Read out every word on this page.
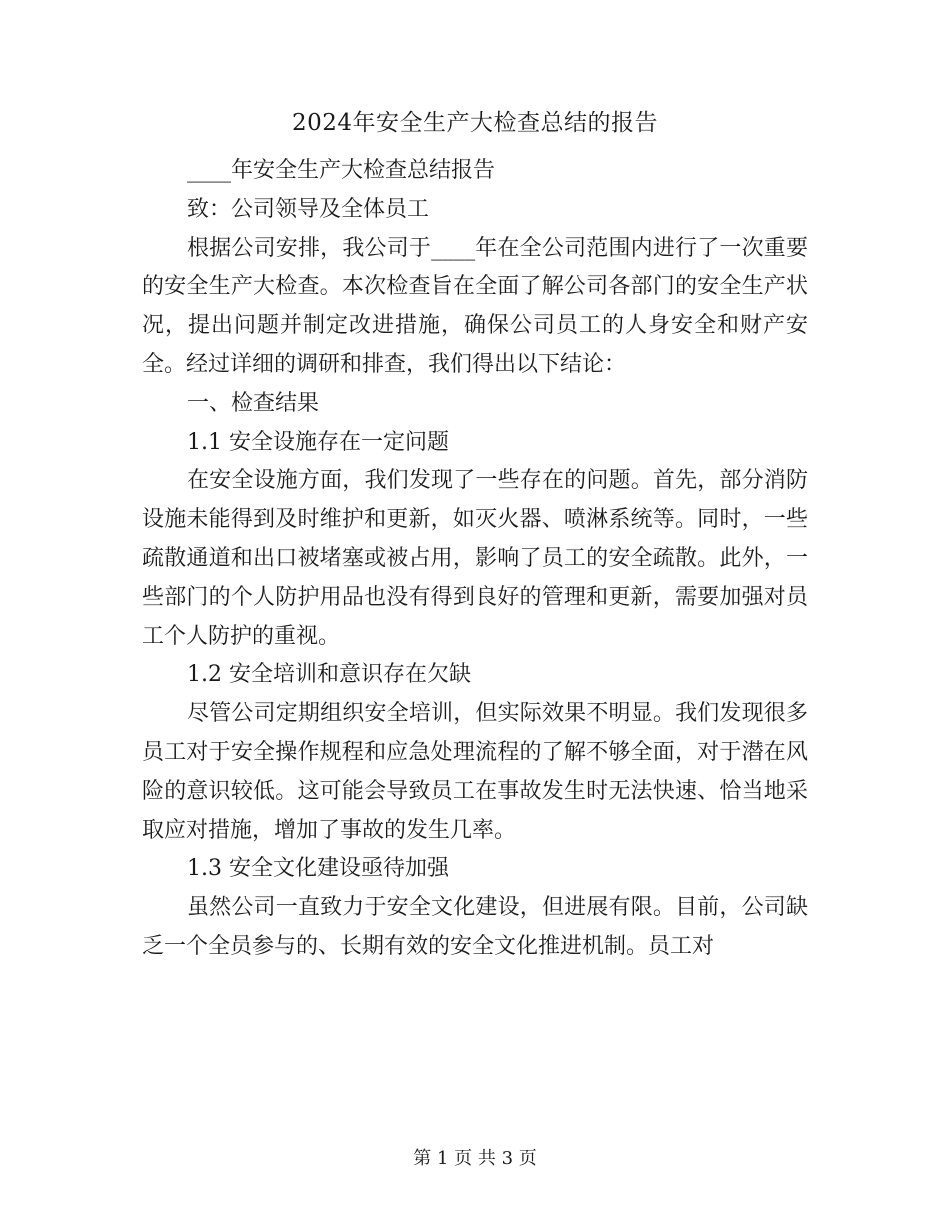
2024年安全生产大检查总结的报告

____年安全生产大检查总结报告

致：公司领导及全体员工

根据公司安排，我公司于____年在全公司范围内进行了一次重要的安全生产大检查。本次检查旨在全面了解公司各部门的安全生产状况，提出问题并制定改进措施，确保公司员工的人身安全和财产安全。经过详细的调研和排查，我们得出以下结论：

一、检查结果

1.1 安全设施存在一定问题

在安全设施方面，我们发现了一些存在的问题。首先，部分消防设施未能得到及时维护和更新，如灭火器、喷淋系统等。同时，一些疏散通道和出口被堵塞或被占用，影响了员工的安全疏散。此外，一些部门的个人防护用品也没有得到良好的管理和更新，需要加强对员工个人防护的重视。

1.2 安全培训和意识存在欠缺

尽管公司定期组织安全培训，但实际效果不明显。我们发现很多员工对于安全操作规程和应急处理流程的了解不够全面，对于潜在风险的意识较低。这可能会导致员工在事故发生时无法快速、恰当地采取应对措施，增加了事故的发生几率。

1.3 安全文化建设亟待加强

虽然公司一直致力于安全文化建设，但进展有限。目前，公司缺乏一个全员参与的、长期有效的安全文化推进机制。员工对

第 1 页 共 3 页
